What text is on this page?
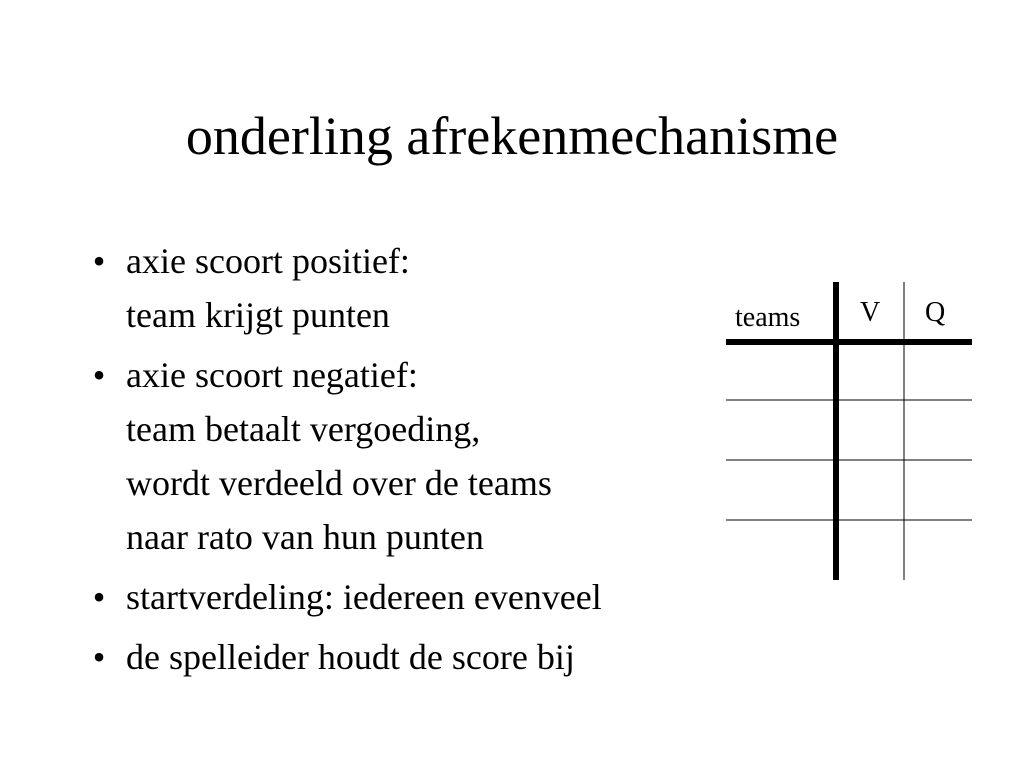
onderling afrekenmechanisme
• axie scoort positief:
team krijgt punten
• axie scoort negatief:
team betaalt vergoeding,
wordt verdeeld over de teams
naar rato van hun punten
• startverdeling: iedereen evenveel
• de spelleider houdt de score bij
teams V Q
